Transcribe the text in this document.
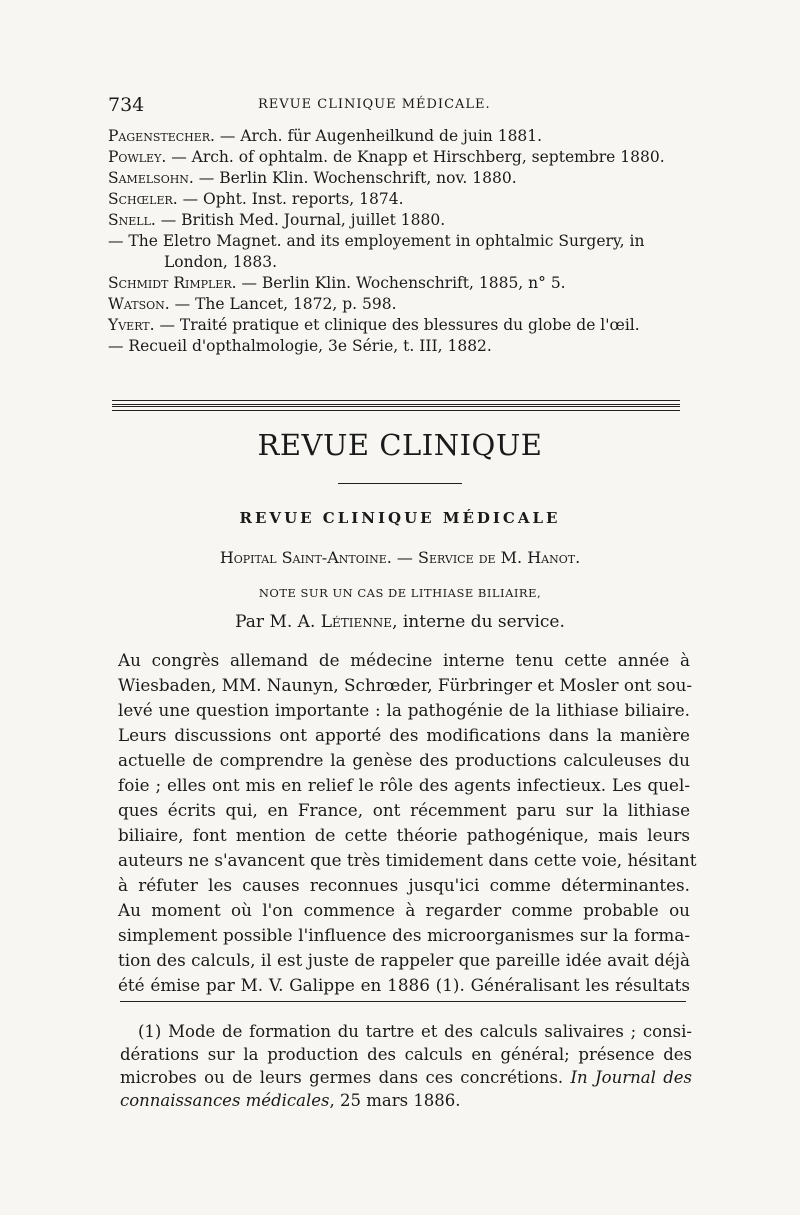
734	REVUE CLINIQUE MÉDICALE.
Pagenstecher. — Arch. für Augenheilkund de juin 1881.
Powley. — Arch. of ophtalm. de Knapp et Hirschberg, septembre 1880.
Samelsohn. — Berlin Klin. Wochenschrift, nov. 1880.
Schœler. — Opht. Inst. reports, 1874.
Snell. — British Med. Journal, juillet 1880.
— The Eletro Magnet. and its employement in ophtalmic Surgery, in
London, 1883.
Schmidt Rimpler. — Berlin Klin. Wochenschrift, 1885, n° 5.
Watson. — The Lancet, 1872, p. 598.
Yvert. — Traité pratique et clinique des blessures du globe de l'œil.
— Recueil d'opthalmologie, 3e Série, t. III, 1882.
REVUE CLINIQUE
REVUE CLINIQUE MÉDICALE
Hopital Saint-Antoine. — Service de M. Hanot.
NOTE SUR UN CAS DE LITHIASE BILIAIRE,
Par M. A. Létienne, interne du service.
Au congrès allemand de médecine interne tenu cette année à
Wiesbaden, MM. Naunyn, Schrœder, Fürbringer et Mosler ont sou-
levé une question importante : la pathogénie de la lithiase biliaire.
Leurs discussions ont apporté des modifications dans la manière
actuelle de comprendre la genèse des productions calculeuses du
foie ; elles ont mis en relief le rôle des agents infectieux. Les quel-
ques écrits qui, en France, ont récemment paru sur la lithiase
biliaire, font mention de cette théorie pathogénique, mais leurs
auteurs ne s'avancent que très timidement dans cette voie, hésitant
à réfuter les causes reconnues jusqu'ici comme déterminantes.
Au moment où l'on commence à regarder comme probable ou
simplement possible l'influence des microorganismes sur la forma-
tion des calculs, il est juste de rappeler que pareille idée avait déjà
été émise par M. V. Galippe en 1886 (1). Généralisant les résultats
(1) Mode de formation du tartre et des calculs salivaires ; consi-
dérations sur la production des calculs en général; présence des
microbes ou de leurs germes dans ces concrétions. In Journal des
connaissances médicales, 25 mars 1886.
